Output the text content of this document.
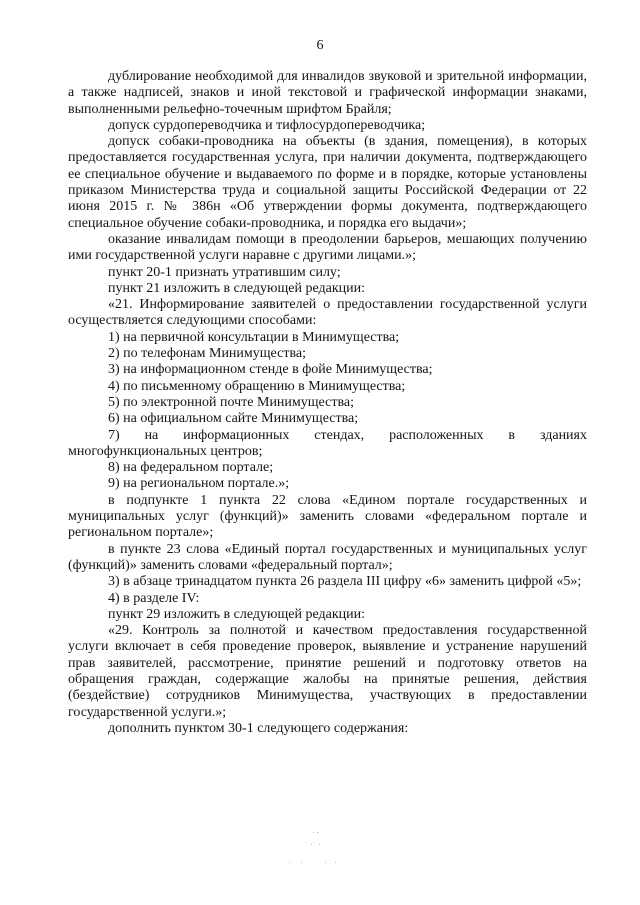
6

дублирование необходимой для инвалидов звуковой и зрительной информации, а также надписей, знаков и иной текстовой и графической информации знаками, выполненными рельефно-точечным шрифтом Брайля;

допуск сурдопереводчика и тифлосурдопереводчика;

допуск собаки-проводника на объекты (в здания, помещения), в которых предоставляется государственная услуга, при наличии документа, подтверждающего ее специальное обучение и выдаваемого по форме и в порядке, которые установлены приказом Министерства труда и социальной защиты Российской Федерации от 22 июня 2015 г. № 386н «Об утверждении формы документа, подтверждающего специальное обучение собаки-проводника, и порядка его выдачи»;

оказание инвалидам помощи в преодолении барьеров, мешающих получению ими государственной услуги наравне с другими лицами.»;

пункт 20-1 признать утратившим силу;

пункт 21 изложить в следующей редакции:

«21. Информирование заявителей о предоставлении государственной услуги осуществляется следующими способами:

1) на первичной консультации в Минимущества;

2) по телефонам Минимущества;

3) на информационном стенде в фойе Минимущества;

4) по письменному обращению в Минимущества;

5) по электронной почте Минимущества;

6) на официальном сайте Минимущества;

7) на информационных стендах, расположенных в зданиях многофункциональных центров;

8) на федеральном портале;

9) на региональном портале.»;

в подпункте 1 пункта 22 слова «Едином портале государственных и муниципальных услуг (функций)» заменить словами «федеральном портале и региональном портале»;

в пункте 23 слова «Единый портал государственных и муниципальных услуг (функций)» заменить словами «федеральный портал»;

3) в абзаце тринадцатом пункта 26 раздела III цифру «6» заменить цифрой «5»;

4) в разделе IV:

пункт 29 изложить в следующей редакции:

«29. Контроль за полнотой и качеством предоставления государственной услуги включает в себя проведение проверок, выявление и устранение нарушений прав заявителей, рассмотрение, принятие решений и подготовку ответов на обращения граждан, содержащие жалобы на принятые решения, действия (бездействие) сотрудников Минимущества, участвующих в предоставлении государственной услуги.»;

дополнить пунктом 30-1 следующего содержания:
